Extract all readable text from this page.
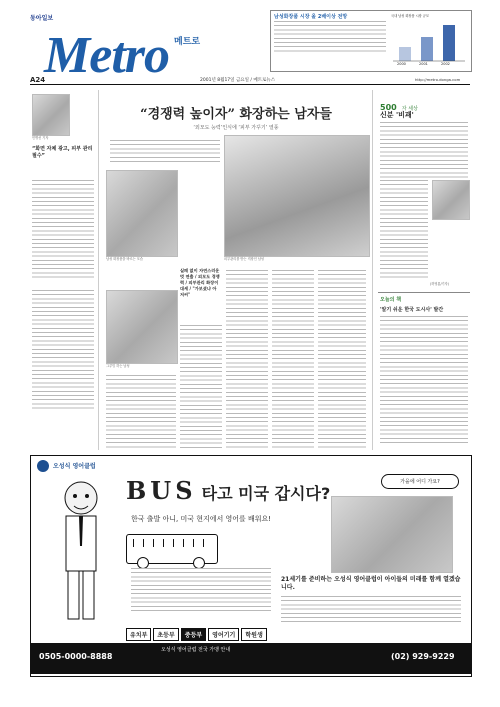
동아일보
Metro 메트로
A24	2001년 8월17일 금요일 / 메트로뉴스
남성화장품 시장 올 2배이상 전망	국내 남성 화장품 시장 규모
2000	2001	2002
http://metro.donga.com
민병선 기자
“화면 자체 광고, 피부 관리 필수”
“경쟁력 높이자” 화장하는 남자들
‘외모도 능력’인식에 ‘피부 가꾸기’ 열풍
남성 화장품을 바르는 모습	피부관리를 받는 직장인 남성
그루밍 하는 남성
실패 없이 자연스러운 멋 연출 / 외모도 경쟁력 / 피부관리 화장이 대세 / "가보셨냐 아저씨"
500 자 세상
신분 '비괘'
(허영룡/기자)
오늘의 책
'알기 쉬운 한국 도시사' 발간
오성식 영어클럽
BUS 타고 미국 갑시다?
한국 출발 아니, 미국 현지에서 영어를 배워요!
가을에 어디 가요?
21세기를 준비하는 오성식 영어클럽이 아이들의 미래를 함께 열겠습니다.
유치부	초등부	중등부	영어기기	학원생
오성식 영어클럽 전국 가맹 안내
0505-0000-8888	(02) 929-9229
